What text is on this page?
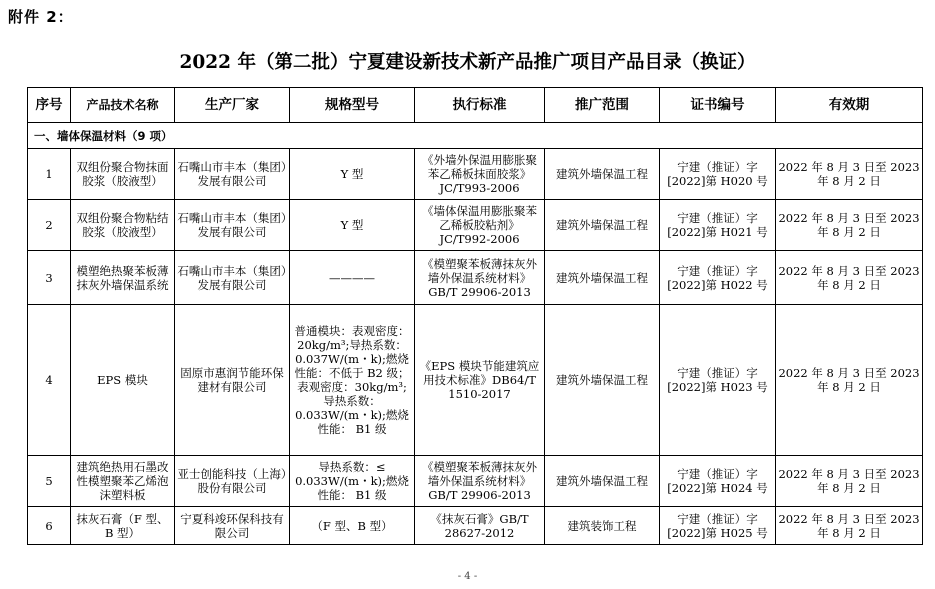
附件 2：
2022 年（第二批）宁夏建设新技术新产品推广项目产品目录（换证）
序号	产品技术名称	生产厂家	规格型号	执行标准	推广范围	证书编号	有效期
一、墙体保温材料（9 项）							
1	双组份聚合物抹面胶浆（胶液型）	石嘴山市丰本（集团）发展有限公司	Y 型	《外墙外保温用膨胀聚苯乙稀板抹面胶浆》JC/T993-2006	建筑外墙保温工程	宁建（推证）字[2022]第 H020 号	2022 年 8 月 3 日至 2023 年 8 月 2 日
2	双组份聚合物粘结胶浆（胶液型）	石嘴山市丰本（集团）发展有限公司	Y 型	《墙体保温用膨胀聚苯乙稀板胶粘剂》JC/T992-2006	建筑外墙保温工程	宁建（推证）字[2022]第 H021 号	2022 年 8 月 3 日至 2023 年 8 月 2 日
3	模塑绝热聚苯板薄抹灰外墙保温系统	石嘴山市丰本（集团）发展有限公司	————	《模塑聚苯板薄抹灰外墙外保温系统材料》GB/T 29906-2013	建筑外墙保温工程	宁建（推证）字[2022]第 H022 号	2022 年 8 月 3 日至 2023 年 8 月 2 日
4	EPS 模块	固原市惠润节能环保建材有限公司	普通模块：表观密度：20kg/m³;导热系数：0.037W/(m・k);燃烧性能：不低于 B2 级；表观密度：30kg/m³;导热系数：0.033W/(m・k);燃烧性能： B1 级	《EPS 模块节能建筑应用技术标准》DB64/T 1510-2017	建筑外墙保温工程	宁建（推证）字[2022]第 H023 号	2022 年 8 月 3 日至 2023 年 8 月 2 日
5	建筑绝热用石墨改性模塑聚苯乙烯泡沫塑料板	亚士创能科技（上海）股份有限公司	导热系数：≤ 0.033W/(m・k);燃烧性能： B1 级	《模塑聚苯板薄抹灰外墙外保温系统材料》GB/T 29906-2013	建筑外墙保温工程	宁建（推证）字[2022]第 H024 号	2022 年 8 月 3 日至 2023 年 8 月 2 日
6	抹灰石膏（F 型、B 型）	宁夏科竣环保科技有限公司	（F 型、B 型）	《抹灰石膏》GB/T 28627-2012	建筑装饰工程	宁建（推证）字[2022]第 H025 号	2022 年 8 月 3 日至 2023 年 8 月 2 日
- 4 -
